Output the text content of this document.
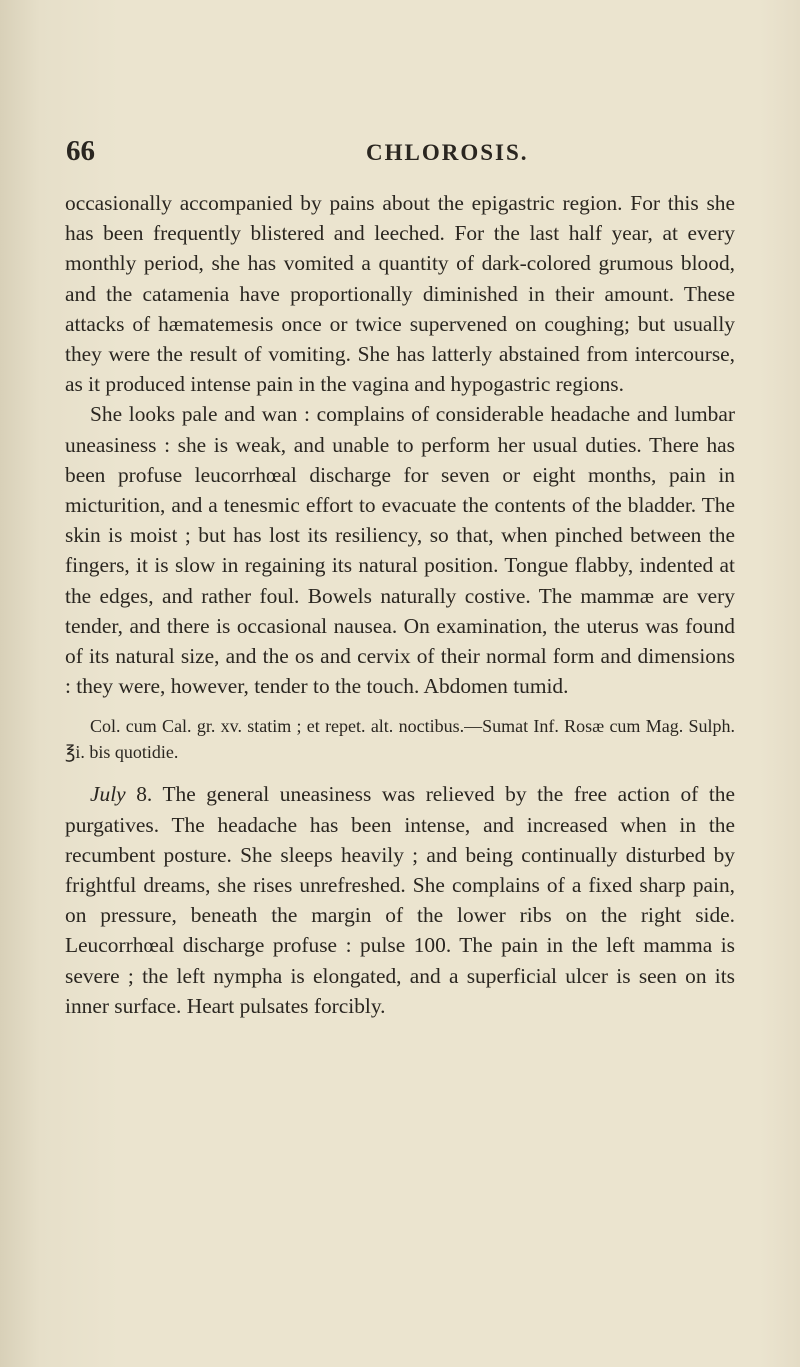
66	CHLOROSIS.

occasionally accompanied by pains about the epigastric region. For this she has been frequently blistered and leeched. For the last half year, at every monthly period, she has vomited a quantity of dark-colored grumous blood, and the catamenia have proportionally diminished in their amount. These attacks of hæmatemesis once or twice supervened on coughing; but usually they were the result of vomiting. She has latterly abstained from intercourse, as it produced intense pain in the vagina and hypogastric regions.

She looks pale and wan : complains of considerable headache and lumbar uneasiness : she is weak, and unable to perform her usual duties. There has been profuse leucorrhœal discharge for seven or eight months, pain in micturition, and a tenesmic effort to evacuate the contents of the bladder. The skin is moist ; but has lost its resiliency, so that, when pinched between the fingers, it is slow in regaining its natural position. Tongue flabby, indented at the edges, and rather foul. Bowels naturally costive. The mammæ are very tender, and there is occasional nausea. On examination, the uterus was found of its natural size, and the os and cervix of their normal form and dimensions : they were, however, tender to the touch. Abdomen tumid.

Col. cum Cal. gr. xv. statim ; et repet. alt. noctibus.—Sumat Inf. Rosæ cum Mag. Sulph. ℥i. bis quotidie.

July 8. The general uneasiness was relieved by the free action of the purgatives. The headache has been intense, and increased when in the recumbent posture. She sleeps heavily ; and being continually disturbed by frightful dreams, she rises unrefreshed. She complains of a fixed sharp pain, on pressure, beneath the margin of the lower ribs on the right side. Leucorrhœal discharge profuse : pulse 100. The pain in the left mamma is severe ; the left nympha is elongated, and a superficial ulcer is seen on its inner surface. Heart pulsates forcibly.
